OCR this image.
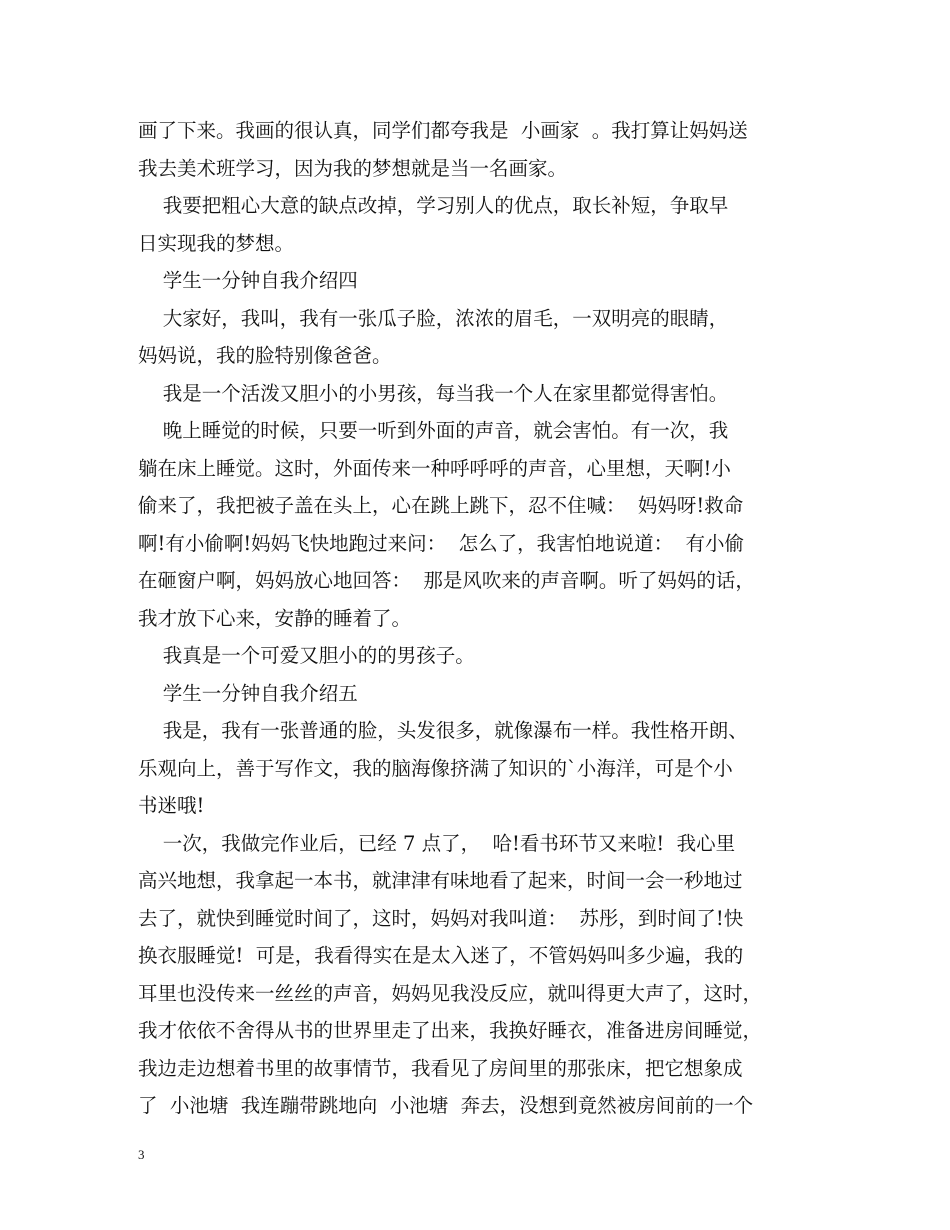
画了下来。我画的很认真，同学们都夸我是  小画家  。我打算让妈妈送
我去美术班学习，因为我的梦想就是当一名画家。
我要把粗心大意的缺点改掉，学习别人的优点，取长补短，争取早
日实现我的梦想。
学生一分钟自我介绍四
大家好，我叫，我有一张瓜子脸，浓浓的眉毛，一双明亮的眼睛，
妈妈说，我的脸特别像爸爸。
我是一个活泼又胆小的小男孩，每当我一个人在家里都觉得害怕。
晚上睡觉的时候，只要一听到外面的声音，就会害怕。有一次，我
躺在床上睡觉。这时，外面传来一种呼呼呼的声音，心里想，天啊!小
偷来了，我把被子盖在头上，心在跳上跳下，忍不住喊：  妈妈呀!救命
啊!有小偷啊!妈妈飞快地跑过来问：  怎么了，我害怕地说道：  有小偷
在砸窗户啊，妈妈放心地回答：  那是风吹来的声音啊。听了妈妈的话，
我才放下心来，安静的睡着了。
我真是一个可爱又胆小的的男孩子。
学生一分钟自我介绍五
我是，我有一张普通的脸，头发很多，就像瀑布一样。我性格开朗、
乐观向上，善于写作文，我的脑海像挤满了知识的`小海洋，可是个小
书迷哦!
一次，我做完作业后，已经 7 点了，  哈!看书环节又来啦!  我心里
高兴地想，我拿起一本书，就津津有味地看了起来，时间一会一秒地过
去了，就快到睡觉时间了，这时，妈妈对我叫道：  苏彤，到时间了!快
换衣服睡觉!  可是，我看得实在是太入迷了，不管妈妈叫多少遍，我的
耳里也没传来一丝丝的声音，妈妈见我没反应，就叫得更大声了，这时，
我才依依不舍得从书的世界里走了出来，我换好睡衣，准备进房间睡觉，
我边走边想着书里的故事情节，我看见了房间里的那张床，把它想象成
了  小池塘  我连蹦带跳地向  小池塘  奔去，没想到竟然被房间前的一个
3
